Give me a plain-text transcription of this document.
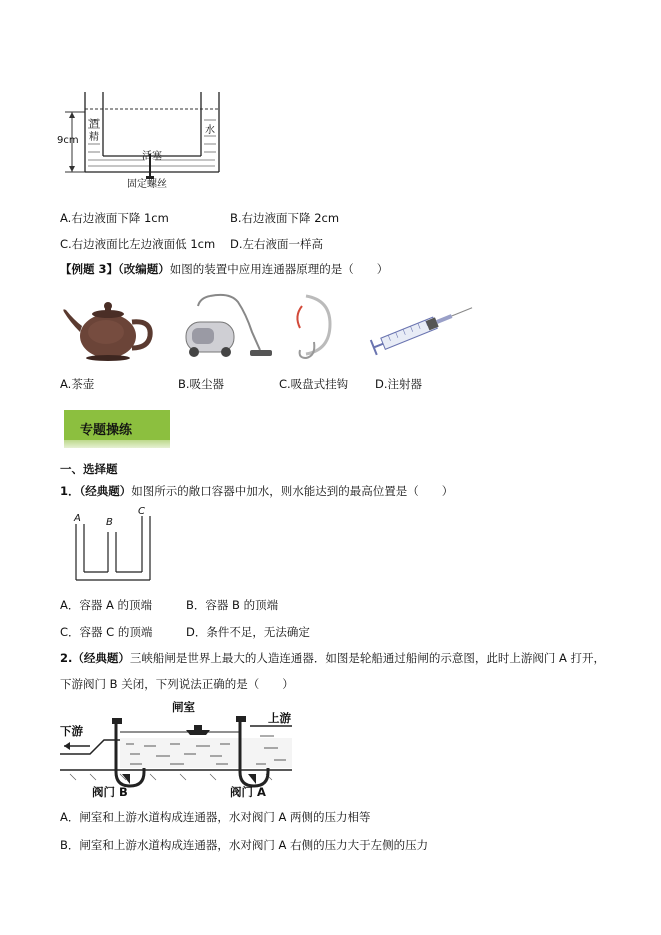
9cm
酒精
水
活塞
固定螺丝
A.右边液面下降 1cm	B.右边液面下降 2cm
C.右边液面比左边液面低 1cm D.左右液面一样高
【例题 3】（改编题）如图的装置中应用连通器原理的是（　　）
A.茶壶	B.吸尘器	C.吸盘式挂钩 D.注射器
专题操练
一、选择题
1．（经典题）如图所示的敞口容器中加水，则水能达到的最高位置是（　　）
A	B
C
A．容器 A 的顶端	B．容器 B 的顶端
C．容器 C 的顶端	D．条件不足，无法确定
2.（经典题）三峡船闸是世界上最大的人造连通器．如图是轮船通过船闸的示意图，此时上游阀门 A 打开，
下游阀门 B 关闭，下列说法正确的是（　　）
闸室
上游
下游
阀门 B	阀门 A
A．闸室和上游水道构成连通器，水对阀门 A 两侧的压力相等
B．闸室和上游水道构成连通器，水对阀门 A 右侧的压力大于左侧的压力
